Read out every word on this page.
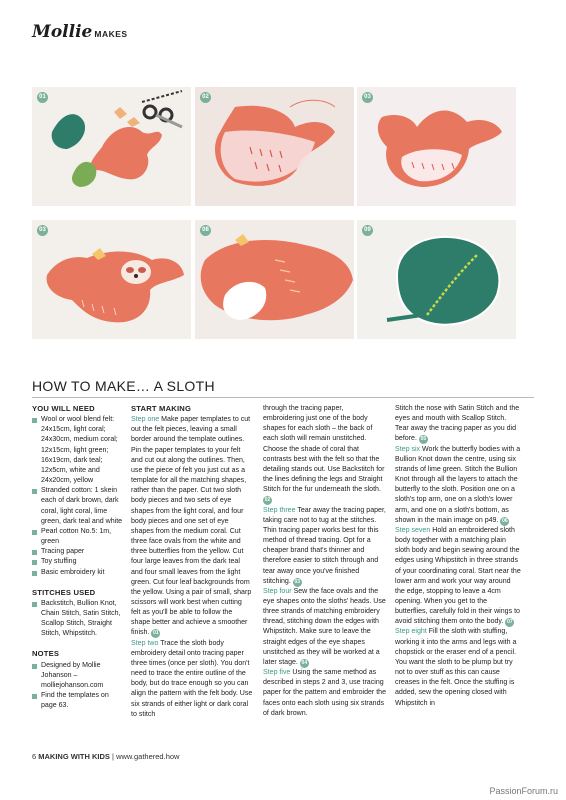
Mollie MAKES
01	02	03
03	08	09
HOW TO MAKE… A SLOTH
YOU WILL NEED
Wool or wool blend felt: 24x15cm, light coral; 24x30cm, medium coral; 12x15cm, light green; 16x19cm, dark teal; 12x5cm, white and 24x20cm, yellow
Stranded cotton: 1 skein each of dark brown, dark coral, light coral, lime green, dark teal and white
Pearl cotton No.5: 1m, green
Tracing paper
Toy stuffing
Basic embroidery kit
STITCHES USED
Backstitch, Bullion Knot, Chain Stitch, Satin Stitch, Scallop Stitch, Straight Stitch, Whipstitch.
NOTES
Designed by Mollie Johanson – molliejohanson.com
Find the templates on page 63.
START MAKING

Step one Make paper templates to cut out the felt pieces, leaving a small border around the template outlines. Pin the paper templates to your felt and cut out along the outlines. Then, use the piece of felt you just cut as a template for all the matching shapes, rather than the paper. Cut two sloth body pieces and two sets of eye shapes from the light coral, and four body pieces and one set of eye shapes from the medium coral. Cut three face ovals from the white and three butterflies from the yellow. Cut four large leaves from the dark teal and four small leaves from the light green. Cut four leaf backgrounds from the yellow. Using a pair of small, sharp scissors will work best when cutting felt as you'll be able to follow the shape better and achieve a smoother finish. 01

Step two Trace the sloth body embroidery detail onto tracing paper three times (once per sloth). You don't need to trace the entire outline of the body, but do trace enough so you can align the pattern with the felt body. Use six strands of either light or dark coral to stitch

through the tracing paper, embroidering just one of the body shapes for each sloth – the back of each sloth will remain unstitched. Choose the shade of coral that contrasts best with the felt so that the detailing stands out. Use Backstitch for the lines defining the legs and Straight Stitch for the fur underneath the sloth. 02

Step three Tear away the tracing paper, taking care not to tug at the stitches. Thin tracing paper works best for this method of thread tracing. Opt for a cheaper brand that's thinner and therefore easier to stitch through and tear away once you've finished stitching. 03

Step four Sew the face ovals and the eye shapes onto the sloths' heads. Use three strands of matching embroidery thread, stitching down the edges with Whipstitch. Make sure to leave the straight edges of the eye shapes unstitched as they will be worked at a later stage. 04

Step five Using the same method as described in steps 2 and 3, use tracing paper for the pattern and embroider the faces onto each sloth using six strands of dark brown.

Stitch the nose with Satin Stitch and the eyes and mouth with Scallop Stitch. Tear away the tracing paper as you did before. 05

Step six Work the butterfly bodies with a Bullion Knot down the centre, using six strands of lime green. Stitch the Bullion Knot through all the layers to attach the butterfly to the sloth. Position one on a sloth's top arm, one on a sloth's lower arm, and one on a sloth's bottom, as shown in the main image on p49. 06

Step seven Hold an embroidered sloth body together with a matching plain sloth body and begin sewing around the edges using Whipstitch in three strands of your coordinating coral. Start near the lower arm and work your way around the edge, stopping to leave a 4cm opening. When you get to the butterflies, carefully fold in their wings to avoid stitching them onto the body. 07

Step eight Fill the sloth with stuffing, working it into the arms and legs with a chopstick or the eraser end of a pencil. You want the sloth to be plump but try not to over stuff as this can cause creases in the felt. Once the stuffing is added, sew the opening closed with Whipstitch in

6 MAKING WITH KIDS | www.gathered.how
PassionForum.ru
